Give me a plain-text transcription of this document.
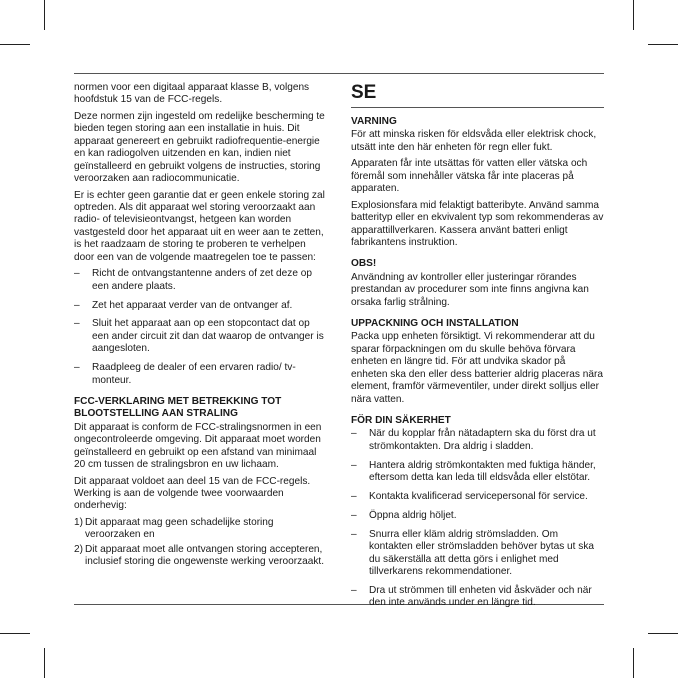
normen voor een digitaal apparaat klasse B, volgens hoofdstuk 15 van de FCC-regels.

Deze normen zijn ingesteld om redelijke bescherming te bieden tegen storing aan een installatie in huis. Dit apparaat genereert en gebruikt radiofrequentie-energie en kan radiogolven uitzenden en kan, indien niet geïnstalleerd en gebruikt volgens de instructies, storing veroorzaken aan radiocommunicatie.

Er is echter geen garantie dat er geen enkele storing zal optreden. Als dit apparaat wel storing veroorzaakt aan radio- of televisieontvangst, hetgeen kan worden vastgesteld door het apparaat uit en weer aan te zetten, is het raadzaam de storing te proberen te verhelpen door een van de volgende maatregelen toe te passen:

– Richt de ontvangstantenne anders of zet deze op een andere plaats.
– Zet het apparaat verder van de ontvanger af.
– Sluit het apparaat aan op een stopcontact dat op een ander circuit zit dan dat waarop de ontvanger is aangesloten.
– Raadpleeg de dealer of een ervaren radio/ tv-monteur.
FCC-VERKLARING MET BETREKKING TOT BLOOTSTELLING AAN STRALING

Dit apparaat is conform de FCC-stralingsnormen in een ongecontroleerde omgeving. Dit apparaat moet worden geïnstalleerd en gebruikt op een afstand van minimaal 20 cm tussen de stralingsbron en uw lichaam.

Dit apparaat voldoet aan deel 15 van de FCC-regels. Werking is aan de volgende twee voorwaarden onderhevig:

1) Dit apparaat mag geen schadelijke storing veroorzaken en
2) Dit apparaat moet alle ontvangen storing accepteren, inclusief storing die ongewenste werking veroorzaakt.
SE
VARNING

För att minska risken för eldsvåda eller elektrisk chock, utsätt inte den här enheten för regn eller fukt.

Apparaten får inte utsättas för vatten eller vätska och föremål som innehåller vätska får inte placeras på apparaten.

Explosionsfara mid felaktigt batteribyte. Använd samma batterityp eller en ekvivalent typ som rekommenderas av apparattillverkaren. Kassera använt batteri enligt fabrikantens instruktion.

OBS!

Användning av kontroller eller justeringar rörandes prestandan av procedurer som inte finns angivna kan orsaka farlig strålning.

UPPACKNING OCH INSTALLATION

Packa upp enheten försiktigt. Vi rekommenderar att du sparar förpackningen om du skulle behöva förvara enheten en längre tid. För att undvika skador på enheten ska den eller dess batterier aldrig placeras nära element, framför värmeventiler, under direkt solljus eller nära vatten.

FÖR DIN SÄKERHET
– När du kopplar från nätadaptern ska du först dra ut strömkontakten. Dra aldrig i sladden.
– Hantera aldrig strömkontakten med fuktiga händer, eftersom detta kan leda till eldsvåda eller elstötar.
– Kontakta kvalificerad servicepersonal för service.
– Öppna aldrig höljet.
– Snurra eller kläm aldrig strömsladden. Om kontakten eller strömsladden behöver bytas ut ska du säkerställa att detta görs i enlighet med tillverkarens rekommendationer.
– Dra ut strömmen till enheten vid åskväder och när den inte används under en längre tid.
